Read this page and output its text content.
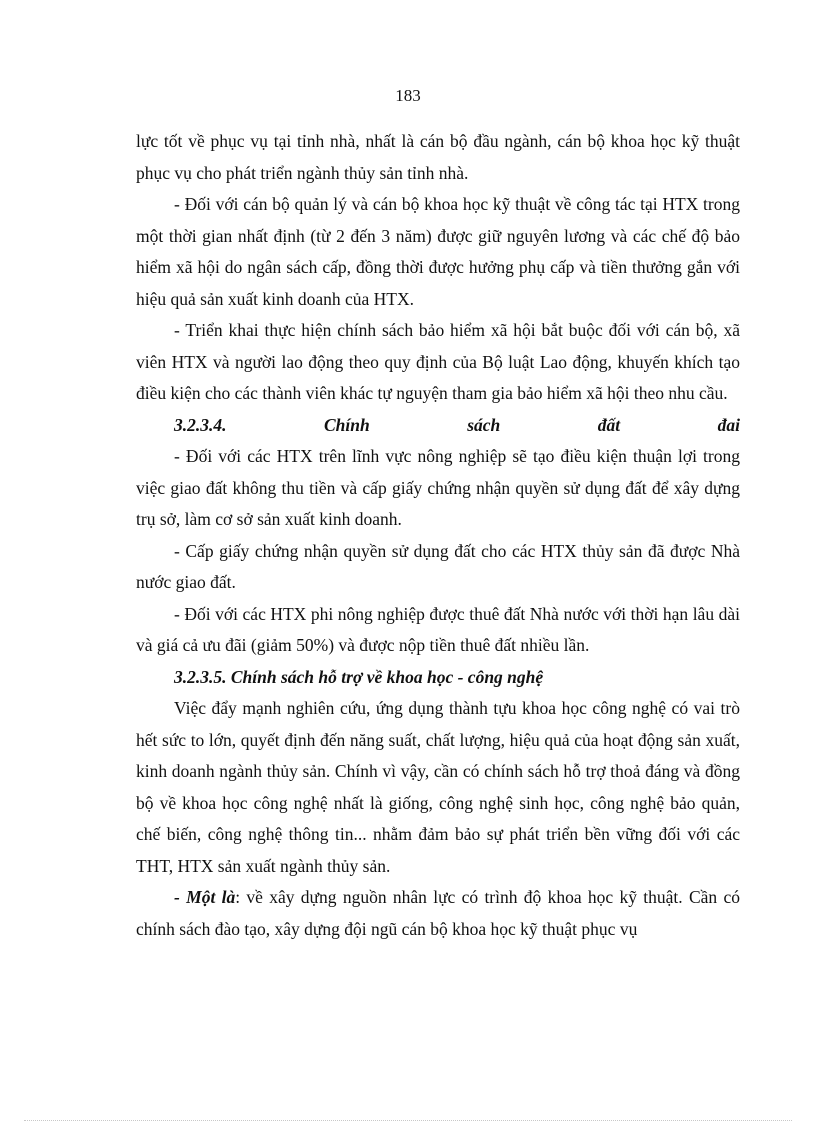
183

lực tốt về phục vụ tại tỉnh nhà, nhất là cán bộ đầu ngành, cán bộ khoa học kỹ thuật phục vụ cho phát triển ngành thủy sản tỉnh nhà.

- Đối với cán bộ quản lý và cán bộ khoa học kỹ thuật về công tác tại HTX trong một thời gian nhất định (từ 2 đến 3 năm) được giữ nguyên lương và các chế độ bảo hiểm xã hội do ngân sách cấp, đồng thời được hưởng phụ cấp và tiền thưởng gắn với hiệu quả sản xuất kinh doanh của HTX.

- Triển khai thực hiện chính sách bảo hiểm xã hội bắt buộc đối với cán bộ, xã viên HTX và người lao động theo quy định của Bộ luật Lao động, khuyến khích tạo điều kiện cho các thành viên khác tự nguyện tham gia bảo hiểm xã hội theo nhu cầu.

3.2.3.4.	Chính	sách	đất	đai

- Đối với các HTX trên lĩnh vực nông nghiệp sẽ tạo điều kiện thuận lợi trong việc giao đất không thu tiền và cấp giấy chứng nhận quyền sử dụng đất để xây dựng trụ sở, làm cơ sở sản xuất kinh doanh.

- Cấp giấy chứng nhận quyền sử dụng đất cho các HTX thủy sản đã được Nhà nước giao đất.

- Đối với các HTX phi nông nghiệp được thuê đất Nhà nước với thời hạn lâu dài và giá cả ưu đãi (giảm 50%) và được nộp tiền thuê đất nhiều lần.

3.2.3.5. Chính sách hỗ trợ về khoa học - công nghệ

Việc đẩy mạnh nghiên cứu, ứng dụng thành tựu khoa học công nghệ có vai trò hết sức to lớn, quyết định đến năng suất, chất lượng, hiệu quả của hoạt động sản xuất, kinh doanh ngành thủy sản. Chính vì vậy, cần có chính sách hỗ trợ thoả đáng và đồng bộ về khoa học công nghệ nhất là giống, công nghệ sinh học, công nghệ bảo quản, chế biến, công nghệ thông tin... nhằm đảm bảo sự phát triển bền vững đối với các THT, HTX sản xuất ngành thủy sản.

- Một là: về xây dựng nguồn nhân lực có trình độ khoa học kỹ thuật. Cần có chính sách đào tạo, xây dựng đội ngũ cán bộ khoa học kỹ thuật phục vụ
